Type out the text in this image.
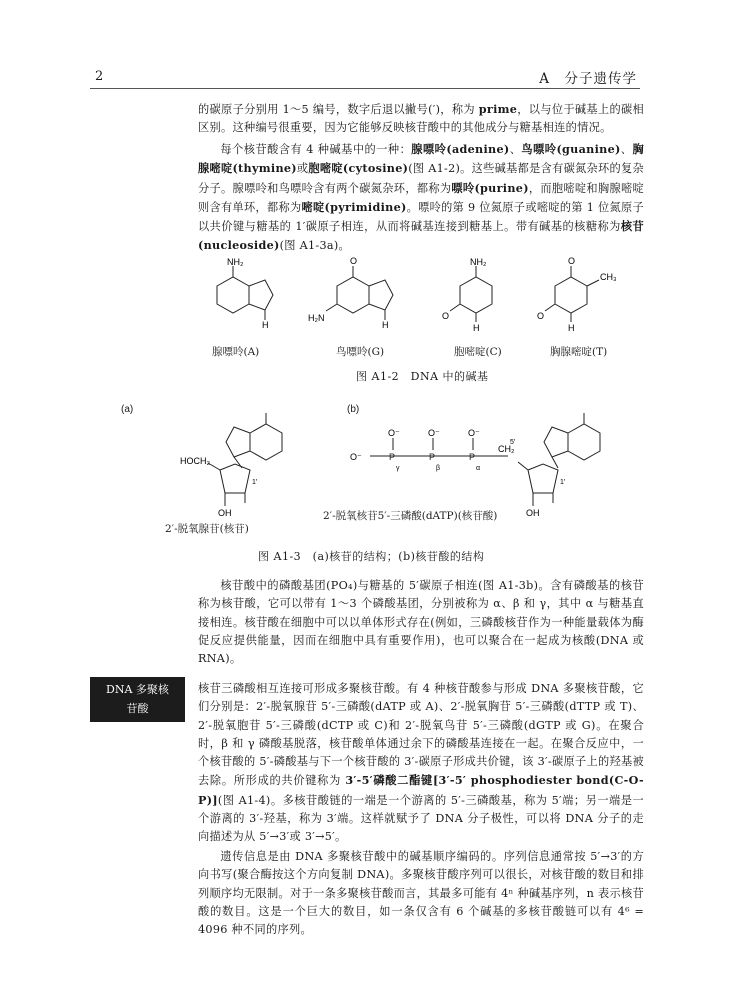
2	A　分子遗传学

的碳原子分别用 1～5 编号，数字后退以撇号(′)，称为 prime，以与位于碱基上的碳相区别。这种编号很重要，因为它能够反映核苷酸中的其他成分与糖基相连的情况。

每个核苷酸含有 4 种碱基中的一种：腺嘌呤(adenine)、鸟嘌呤(guanine)、胸腺嘧啶(thymine)或胞嘧啶(cytosine)(图 A1-2)。这些碱基都是含有碳氮杂环的复杂分子。腺嘌呤和鸟嘌呤含有两个碳氮杂环，都称为嘌呤(purine)，而胞嘧啶和胸腺嘧啶则含有单环，都称为嘧啶(pyrimidine)。嘌呤的第 9 位氮原子或嘧啶的第 1 位氮原子以共价键与糖基的 1′碳原子相连，从而将碱基连接到糖基上。带有碱基的核糖称为核苷(nucleoside)(图 A1-3a)。

NH₂
H
O
H₂N
H
NH₂
O
H
O
CH₃
O
H
腺嘌呤(A)	鸟嘌呤(G)	胞嘧啶(C)	胸腺嘧啶(T)
图 A1-2　DNA 中的碱基
(a)	(b)
HOCH₂
OH
1′
O⁻
O⁻	O⁻	O⁻
P	P	P
γ	β	α
CH₂
5′
1′
OH
2′-脱氧腺苷(核苷)
2′-脱氧核苷5′-三磷酸(dATP)(核苷酸)
图 A1-3　(a)核苷的结构；(b)核苷酸的结构

核苷酸中的磷酸基团(PO₄)与糖基的 5′碳原子相连(图 A1-3b)。含有磷酸基的核苷称为核苷酸，它可以带有 1～3 个磷酸基团，分别被称为 α、β 和 γ，其中 α 与糖基直接相连。核苷酸在细胞中可以以单体形式存在(例如，三磷酸核苷作为一种能量载体为酶促反应提供能量，因而在细胞中具有重要作用)，也可以聚合在一起成为核酸(DNA 或 RNA)。

DNA 多聚核
苷酸

核苷三磷酸相互连接可形成多聚核苷酸。有 4 种核苷酸参与形成 DNA 多聚核苷酸，它们分别是：2′-脱氧腺苷 5′-三磷酸(dATP 或 A)、2′-脱氧胸苷 5′-三磷酸(dTTP 或 T)、2′-脱氧胞苷 5′-三磷酸(dCTP 或 C)和 2′-脱氧鸟苷 5′-三磷酸(dGTP 或 G)。在聚合时，β 和 γ 磷酸基脱落，核苷酸单体通过余下的磷酸基连接在一起。在聚合反应中，一个核苷酸的 5′-磷酸基与下一个核苷酸的 3′-碳原子形成共价键，该 3′-碳原子上的羟基被去除。所形成的共价键称为 3′-5′磷酸二酯键[3′-5′ phosphodiester bond(C-O-P)](图 A1-4)。多核苷酸链的一端是一个游离的 5′-三磷酸基，称为 5′端；另一端是一个游离的 3′-羟基，称为 3′端。这样就赋予了 DNA 分子极性，可以将 DNA 分子的走向描述为从 5′→3′或 3′→5′。

遗传信息是由 DNA 多聚核苷酸中的碱基顺序编码的。序列信息通常按 5′→3′的方向书写(聚合酶按这个方向复制 DNA)。多聚核苷酸序列可以很长，对核苷酸的数目和排列顺序均无限制。对于一条多聚核苷酸而言，其最多可能有 4ⁿ 种碱基序列，n 表示核苷酸的数目。这是一个巨大的数目，如一条仅含有 6 个碱基的多核苷酸链可以有 4⁶ = 4096 种不同的序列。
